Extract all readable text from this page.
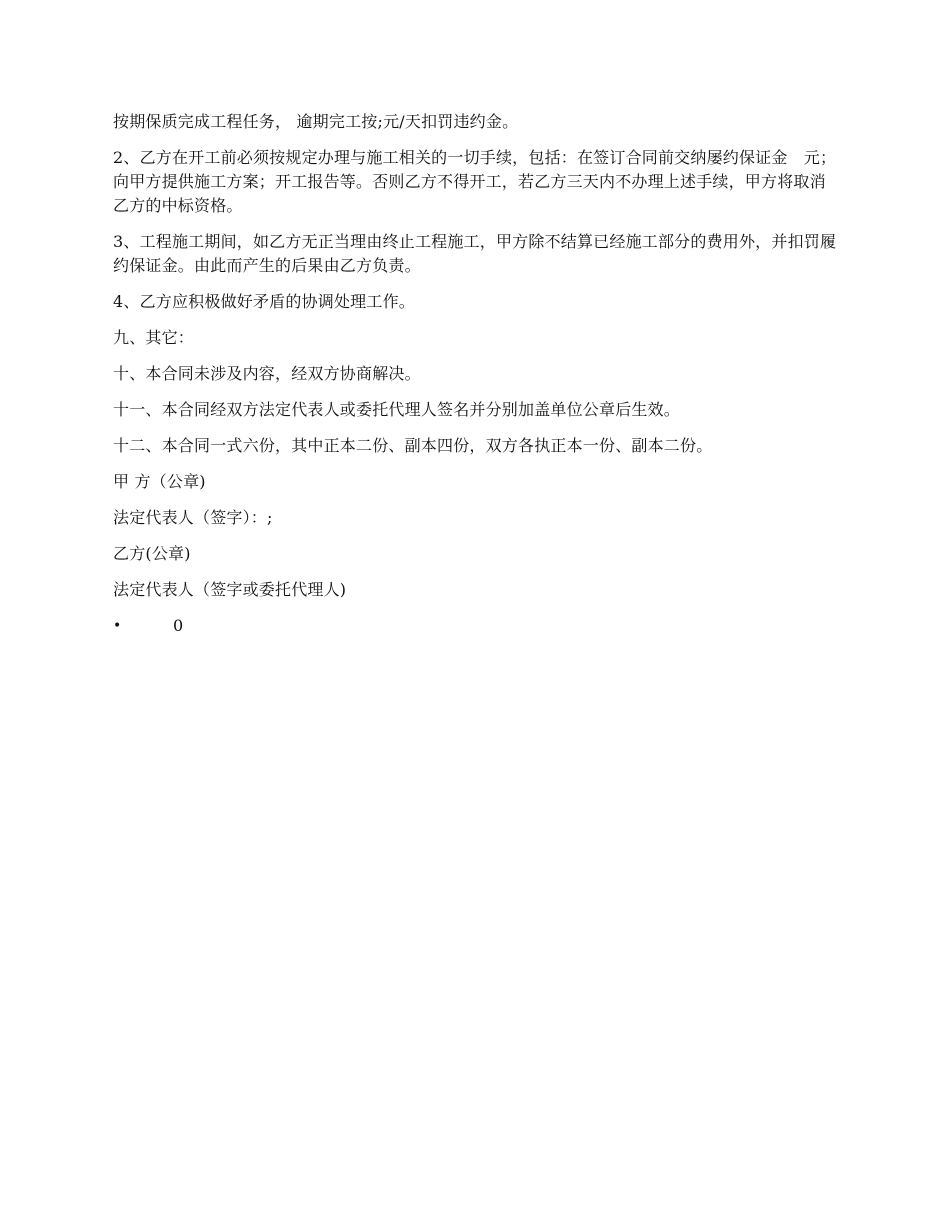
按期保质完成工程任务， 逾期完工按;元/天扣罚违约金。

2、乙方在开工前必须按规定办理与施工相关的一切手续，包括：在签订合同前交纳屡约保证金　元；向甲方提供施工方案；开工报告等。否则乙方不得开工，若乙方三天内不办理上述手续，甲方将取消乙方的中标资格。

3、工程施工期间，如乙方无正当理由终止工程施工，甲方除不结算已经施工部分的费用外，并扣罚履约保证金。由此而产生的后果由乙方负责。

4、乙方应积极做好矛盾的协调处理工作。

九、其它：

十、本合同未涉及内容，经双方协商解决。

十一、本合同经双方法定代表人或委托代理人签名并分别加盖单位公章后生效。

十二、本合同一式六份，其中正本二份、副本四份，双方各执正本一份、副本二份。

甲 方（公章)

法定代表人（签字）：;

乙方(公章)

法定代表人（签字或委托代理人)

•	0
